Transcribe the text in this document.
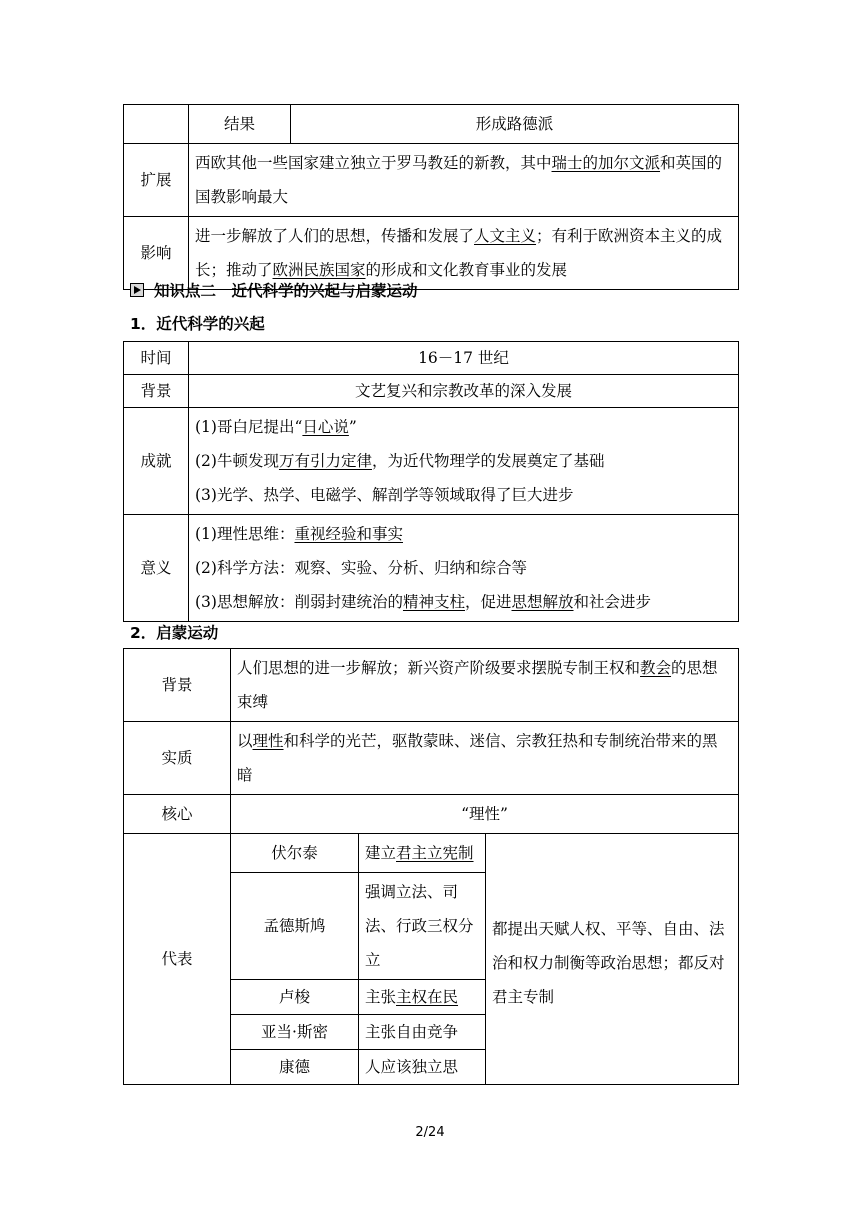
	结果	形成路德派
扩展	西欧其他一些国家建立独立于罗马教廷的新教，其中瑞士的加尔文派和英国的国教影响最大	
影响	进一步解放了人们的思想，传播和发展了人文主义；有利于欧洲资本主义的成长；推动了欧洲民族国家的形成和文化教育事业的发展	
知识点二　近代科学的兴起与启蒙运动
1．近代科学的兴起
时间	16－17 世纪
背景	文艺复兴和宗教改革的深入发展
成就	(1)哥白尼提出“日心说”
(2)牛顿发现万有引力定律，为近代物理学的发展奠定了基础
(3)光学、热学、电磁学、解剖学等领域取得了巨大进步

意义	(1)理性思维：重视经验和事实
(2)科学方法：观察、实验、分析、归纳和综合等
(3)思想解放：削弱封建统治的精神支柱，促进思想解放和社会进步
2．启蒙运动
背景	人们思想的进一步解放；新兴资产阶级要求摆脱专制王权和教会的思想束缚		
实质	以理性和科学的光芒，驱散蒙昧、迷信、宗教狂热和专制统治带来的黑暗		
核心	“理性”		
代表	伏尔泰	建立君主立宪制	都提出天赋人权、平等、自由、法治和权力制衡等政治思想；都反对君主专制
	孟德斯鸠	强调立法、司法、行政三权分立	
	卢梭	主张主权在民	
	亚当·斯密	主张自由竞争	
	康德	人应该独立思	
2/24
